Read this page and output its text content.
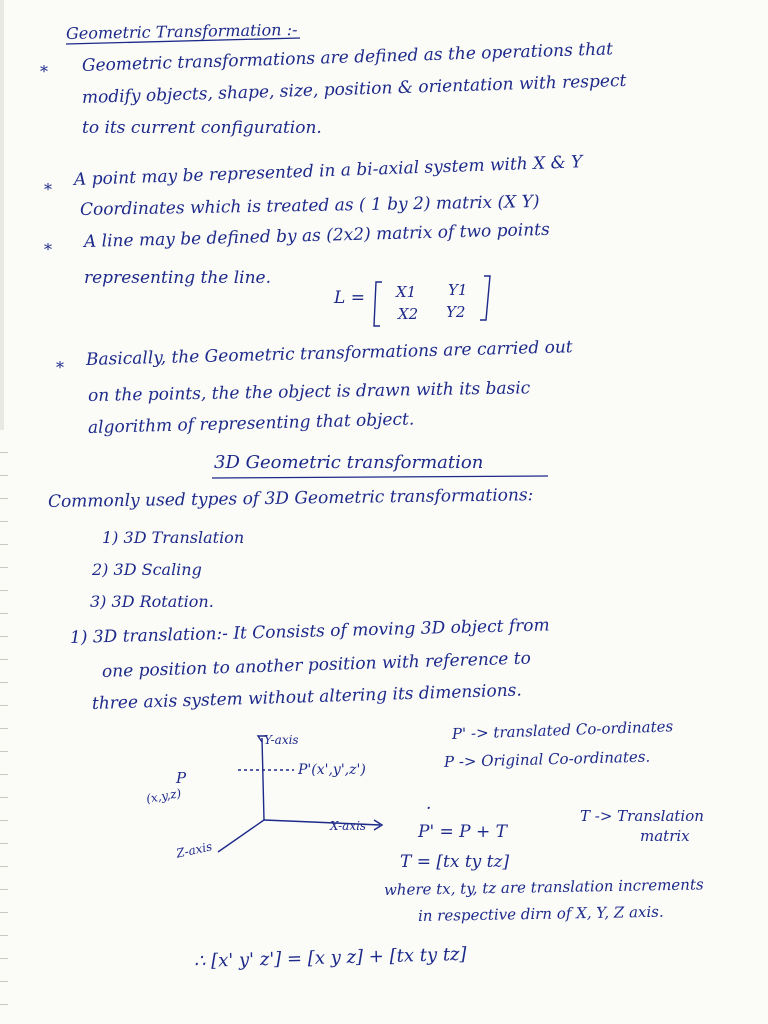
Geometric Transformation :-
* Geometric transformations are defined as the operations that
modify objects, shape, size, position & orientation with respect
to its current configuration.
* A point may be represented in a bi-axial system with X & Y
Coordinates which is treated as ( 1 by 2) matrix (X Y)
* A line may be defined by as (2x2) matrix of two points
representing the line.
L = X1 Y1
X2 Y2
* Basically, the Geometric transformations are carried out
on the points, the the object is drawn with its basic
algorithm of representing that object.
3D Geometric transformation
Commonly used types of 3D Geometric transformations:
1) 3D Translation
2) 3D Scaling
3) 3D Rotation.
1) 3D translation:- It Consists of moving 3D object from
one position to another position with reference to
three axis system without altering its dimensions.
Y-axis
X-axis
Z-axis
P
(x,y,z)
P'(x',y',z')
P' -> translated Co-ordinates
P -> Original Co-ordinates.
.
P' = P + T
T -> Translation
matrix
T = [tx ty tz]
where tx, ty, tz are translation increments
in respective dirn of X, Y, Z axis.
∴ [x' y' z'] = [x y z] + [tx ty tz]
